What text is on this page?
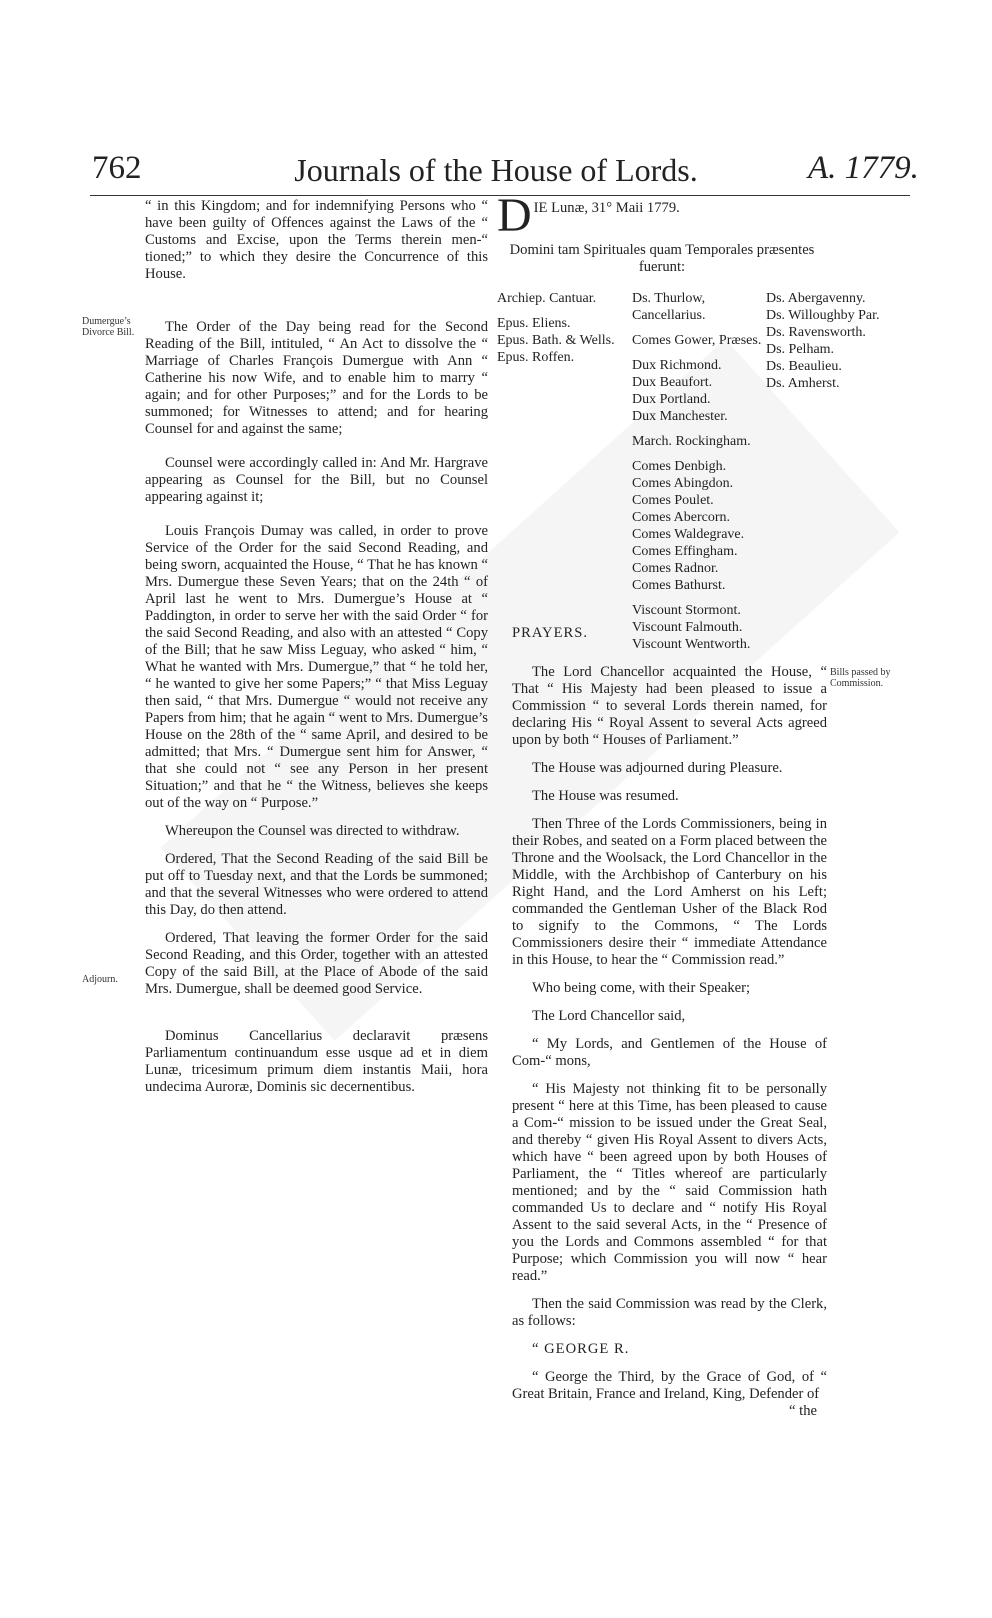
762	Journals of the House of Lords.	A. 1779.

“ in this Kingdom; and for indemnifying Persons who “ have been guilty of Offences against the Laws of the “ Customs and Excise, upon the Terms therein men-“ tioned;” to which they desire the Concurrence of this House.

The Order of the Day being read for the Second Reading of the Bill, intituled, “ An Act to dissolve the “ Marriage of Charles François Dumergue with Ann “ Catherine his now Wife, and to enable him to marry “ again; and for other Purposes;” and for the Lords to be summoned; for Witnesses to attend; and for hearing Counsel for and against the same;

Counsel were accordingly called in: And Mr. Hargrave appearing as Counsel for the Bill, but no Counsel appearing against it;

Louis François Dumay was called, in order to prove Service of the Order for the said Second Reading, and being sworn, acquainted the House, “ That he has known “ Mrs. Dumergue these Seven Years; that on the 24th “ of April last he went to Mrs. Dumergue’s House at “ Paddington, in order to serve her with the said Order “ for the said Second Reading, and also with an attested “ Copy of the Bill; that he saw Miss Leguay, who asked “ him, “ What he wanted with Mrs. Dumergue,” that “ he told her, “ he wanted to give her some Papers;” “ that Miss Leguay then said, “ that Mrs. Dumergue “ would not receive any Papers from him; that he again “ went to Mrs. Dumergue’s House on the 28th of the “ same April, and desired to be admitted; that Mrs. “ Dumergue sent him for Answer, “ that she could not “ see any Person in her present Situation;” and that he “ the Witness, believes she keeps out of the way on “ Purpose.”

Whereupon the Counsel was directed to withdraw.

Ordered, That the Second Reading of the said Bill be put off to Tuesday next, and that the Lords be summoned; and that the several Witnesses who were ordered to attend this Day, do then attend.

Ordered, That leaving the former Order for the said Second Reading, and this Order, together with an attested Copy of the said Bill, at the Place of Abode of the said Mrs. Dumergue, shall be deemed good Service.

Dominus Cancellarius declaravit præsens Parliamentum continuandum esse usque ad et in diem Lunæ, tricesimum primum diem instantis Maii, hora undecima Auroræ, Dominis sic decernentibus.

Dumergue’s Divorce Bill.
Adjourn.
Bills passed by Commission.
D IE Lunæ, 31° Maii 1779.
Domini tam Spirituales quam Temporales præsentes fuerunt:
Archiep. Cantuar.
Epus. Eliens.
Epus. Bath. & Wells.
Epus. Roffen.
Ds. Thurlow, Cancellarius.
Comes Gower, Præses.
Dux Richmond.
Dux Beaufort.
Dux Portland.
Dux Manchester.
March. Rockingham.
Comes Denbigh.
Comes Abingdon.
Comes Poulet.
Comes Abercorn.
Comes Waldegrave.
Comes Effingham.
Comes Radnor.
Comes Bathurst.
Viscount Stormont.
Viscount Falmouth.
Viscount Wentworth.
Ds. Abergavenny.
Ds. Willoughby Par.
Ds. Ravensworth.
Ds. Pelham.
Ds. Beaulieu.
Ds. Amherst.

PRAYERS.

The Lord Chancellor acquainted the House, “ That “ His Majesty had been pleased to issue a Commission “ to several Lords therein named, for declaring His “ Royal Assent to several Acts agreed upon by both “ Houses of Parliament.”

The House was adjourned during Pleasure.

The House was resumed.

Then Three of the Lords Commissioners, being in their Robes, and seated on a Form placed between the Throne and the Woolsack, the Lord Chancellor in the Middle, with the Archbishop of Canterbury on his Right Hand, and the Lord Amherst on his Left; commanded the Gentleman Usher of the Black Rod to signify to the Commons, “ The Lords Commissioners desire their “ immediate Attendance in this House, to hear the “ Commission read.”

Who being come, with their Speaker;

The Lord Chancellor said,

“ My Lords, and Gentlemen of the House of Com-“ mons,

“ His Majesty not thinking fit to be personally present “ here at this Time, has been pleased to cause a Com-“ mission to be issued under the Great Seal, and thereby “ given His Royal Assent to divers Acts, which have “ been agreed upon by both Houses of Parliament, the “ Titles whereof are particularly mentioned; and by the “ said Commission hath commanded Us to declare and “ notify His Royal Assent to the said several Acts, in the “ Presence of you the Lords and Commons assembled “ for that Purpose; which Commission you will now “ hear read.”

Then the said Commission was read by the Clerk, as follows:

“ GEORGE R.

“ George the Third, by the Grace of God, of “ Great Britain, France and Ireland, King, Defender of

“ the
